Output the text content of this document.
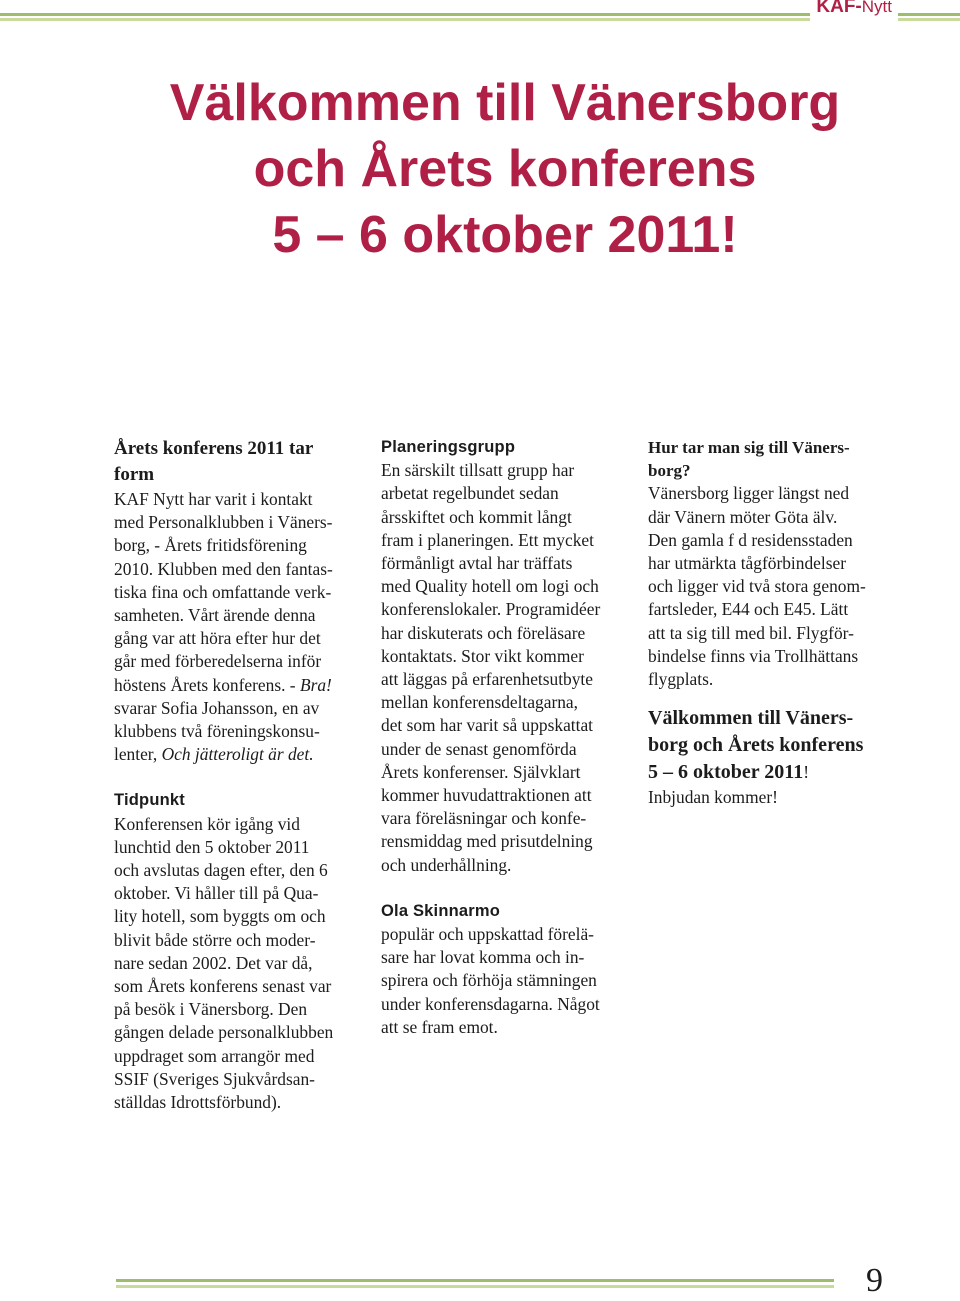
KAF-Nytt
Välkommen till Vänersborg
och Årets konferens
5 – 6 oktober 2011!
Årets konferens 2011 tar
form
KAF Nytt har varit i kontakt
med Personalklubben i Väners-
borg, - Årets fritidsförening
2010. Klubben med den fantas-
tiska fina och omfattande verk-
samheten. Vårt ärende denna
gång var att höra efter hur det
går med förberedelserna inför
höstens Årets konferens. - Bra!
svarar Sofia Johansson, en av
klubbens två föreningskonsu-
lenter, Och jätteroligt är det.
Tidpunkt
Konferensen kör igång vid
lunchtid den 5 oktober 2011
och avslutas dagen efter, den 6
oktober. Vi håller till på Qua-
lity hotell, som byggts om och
blivit både större och moder-
nare sedan 2002. Det var då,
som Årets konferens senast var
på besök i Vänersborg. Den
gången delade personalklubben
uppdraget som arrangör med
SSIF (Sveriges Sjukvårdsan-
ställdas Idrottsförbund).
Planeringsgrupp
En särskilt tillsatt grupp har
arbetat regelbundet sedan
årsskiftet och kommit långt
fram i planeringen. Ett mycket
förmånligt avtal har träffats
med Quality hotell om logi och
konferenslokaler. Programidéer
har diskuterats och föreläsare
kontaktats. Stor vikt kommer
att läggas på erfarenhetsutbyte
mellan konferensdeltagarna,
det som har varit så uppskattat
under de senast genomförda
Årets konferenser. Självklart
kommer huvudattraktionen att
vara föreläsningar och konfe-
rensmiddag med prisutdelning
och underhållning.
Ola Skinnarmo
populär och uppskattad förelä-
sare har lovat komma och in-
spirera och förhöja stämningen
under konferensdagarna. Något
att se fram emot.
Hur tar man sig till Väners-
borg?
Vänersborg ligger längst ned
där Vänern möter Göta älv.
Den gamla f d residensstaden
har utmärkta tågförbindelser
och ligger vid två stora genom-
fartsleder, E44 och E45. Lätt
att ta sig till med bil. Flygför-
bindelse finns via Trollhättans
flygplats.
Välkommen till Väners-
borg och Årets konferens
5 – 6 oktober 2011!
Inbjudan kommer!
9
